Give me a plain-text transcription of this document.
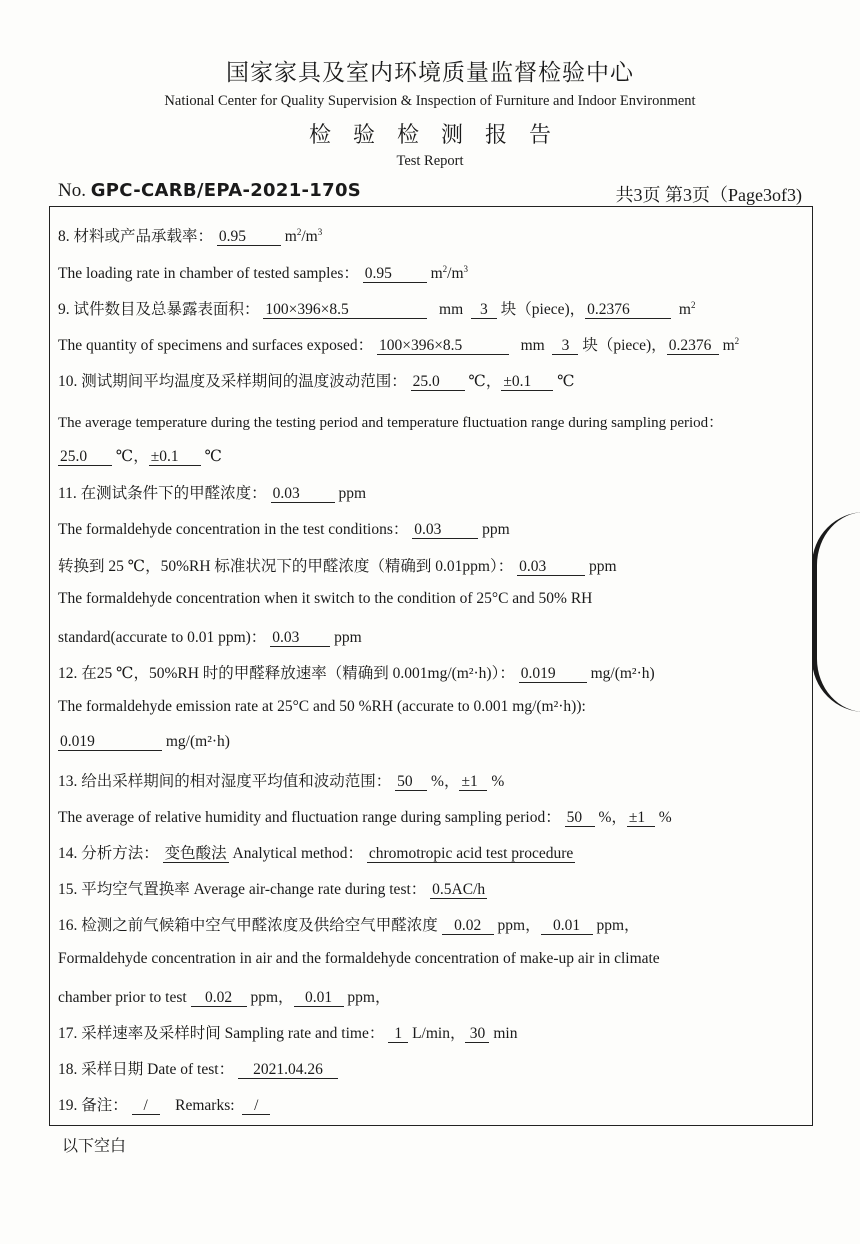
国家家具及室内环境质量监督检验中心
National Center for Quality Supervision & Inspection of Furniture and Indoor Environment
检验检测报告
Test Report
No. GPC-CARB/EPA-2021-170S	共3页 第3页（Page3of3)
8. 材料或产品承载率： 0.95	$m^2/m^3$
The loading rate in chamber of tested samples： 0.95	$m^2/m^3$
9. 试件数目及总暴露表面积： 100×396×8.5	mm 3 块（piece)， 0.2376	$m^2$
The quantity of specimens and surfaces exposed： 100×396×8.5	mm 3 块（piece)， 0.2376 $m^2$
10. 测试期间平均温度及采样期间的温度波动范围： 25.0 ℃， ±0.1 ℃
The average temperature during the testing period and temperature fluctuation range during sampling period：
25.0 ℃， ±0.1 ℃
11. 在测试条件下的甲醛浓度： 0.03	ppm
The formaldehyde concentration in the test conditions： 0.03	ppm
转换到 25 ℃，50%RH 标准状况下的甲醛浓度（精确到 0.01ppm）： 0.03	ppm
The formaldehyde concentration when it switch to the condition of 25°C and 50% RH
standard(accurate to 0.01 ppm)： 0.03 ppm
12. 在25 ℃，50%RH 时的甲醛释放速率（精确到 0.001mg/(m²·h)）： 0.019 mg/(m²·h)
The formaldehyde emission rate at 25°C and 50 %RH (accurate to 0.001 mg/(m²·h)):
0.019	mg/(m²·h)
13. 给出采样期间的相对湿度平均值和波动范围： 50 %， ±1 %
The average of relative humidity and fluctuation range during sampling period： 50 %， ±1 %
14. 分析方法： 变色酸法 Analytical method： chromotropic acid test procedure
15. 平均空气置换率 Average air-change rate during test： 0.5AC/h
16. 检测之前气候箱中空气甲醛浓度及供给空气甲醛浓度 0.02 ppm， 0.01 ppm，
Formaldehyde concentration in air and the formaldehyde concentration of make-up air in climate
chamber prior to test 0.02 ppm， 0.01 ppm，
17. 采样速率及采样时间 Sampling rate and time： 1 L/min， 30 min
18. 采样日期 Date of test： 2021.04.26
19. 备注： / Remarks: /
以下空白
